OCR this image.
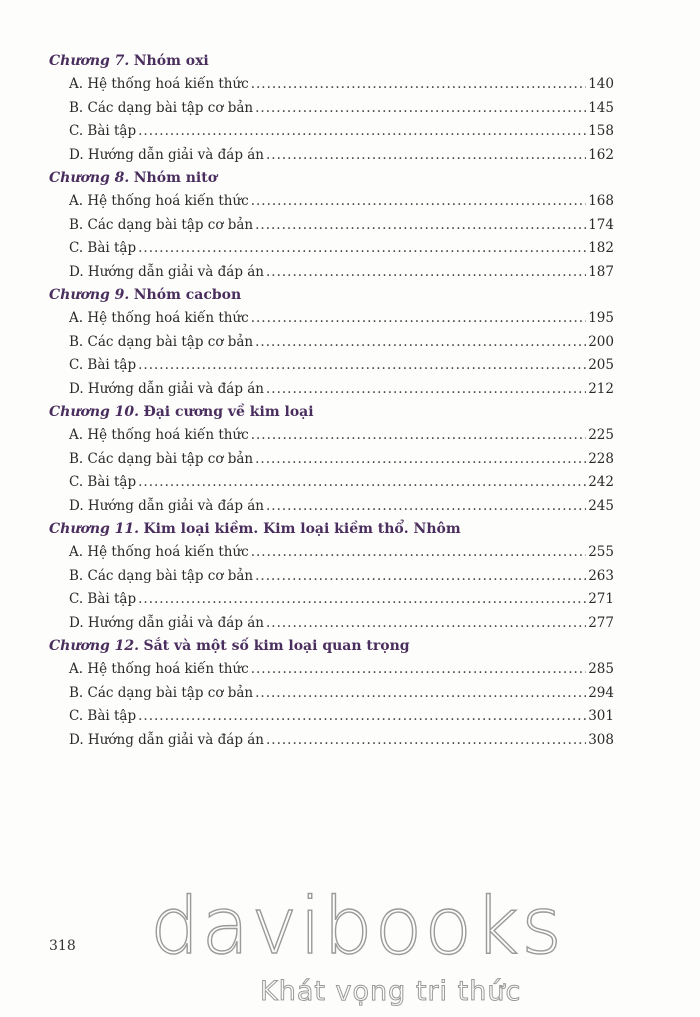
Chương 7. Nhóm oxi
A. Hệ thống hoá kiến thức .....	140
B. Các dạng bài tập cơ bản .....	145
C. Bài tập .....	158
D. Hướng dẫn giải và đáp án .....	162
Chương 8. Nhóm nitơ
A. Hệ thống hoá kiến thức .....	168
B. Các dạng bài tập cơ bản .....	174
C. Bài tập .....	182
D. Hướng dẫn giải và đáp án .....	187
Chương 9. Nhóm cacbon
A. Hệ thống hoá kiến thức .....	195
B. Các dạng bài tập cơ bản .....	200
C. Bài tập .....	205
D. Hướng dẫn giải và đáp án .....	212
Chương 10. Đại cương về kim loại
A. Hệ thống hoá kiến thức .....	225
B. Các dạng bài tập cơ bản .....	228
C. Bài tập .....	242
D. Hướng dẫn giải và đáp án .....	245
Chương 11. Kim loại kiềm. Kim loại kiềm thổ. Nhôm
A. Hệ thống hoá kiến thức .....	255
B. Các dạng bài tập cơ bản .....	263
C. Bài tập .....	271
D. Hướng dẫn giải và đáp án .....	277
Chương 12. Sắt và một số kim loại quan trọng
A. Hệ thống hoá kiến thức .....	285
B. Các dạng bài tập cơ bản .....	294
C. Bài tập .....	301
D. Hướng dẫn giải và đáp án .....	308
318 davibooks
Khát vọng tri thức
